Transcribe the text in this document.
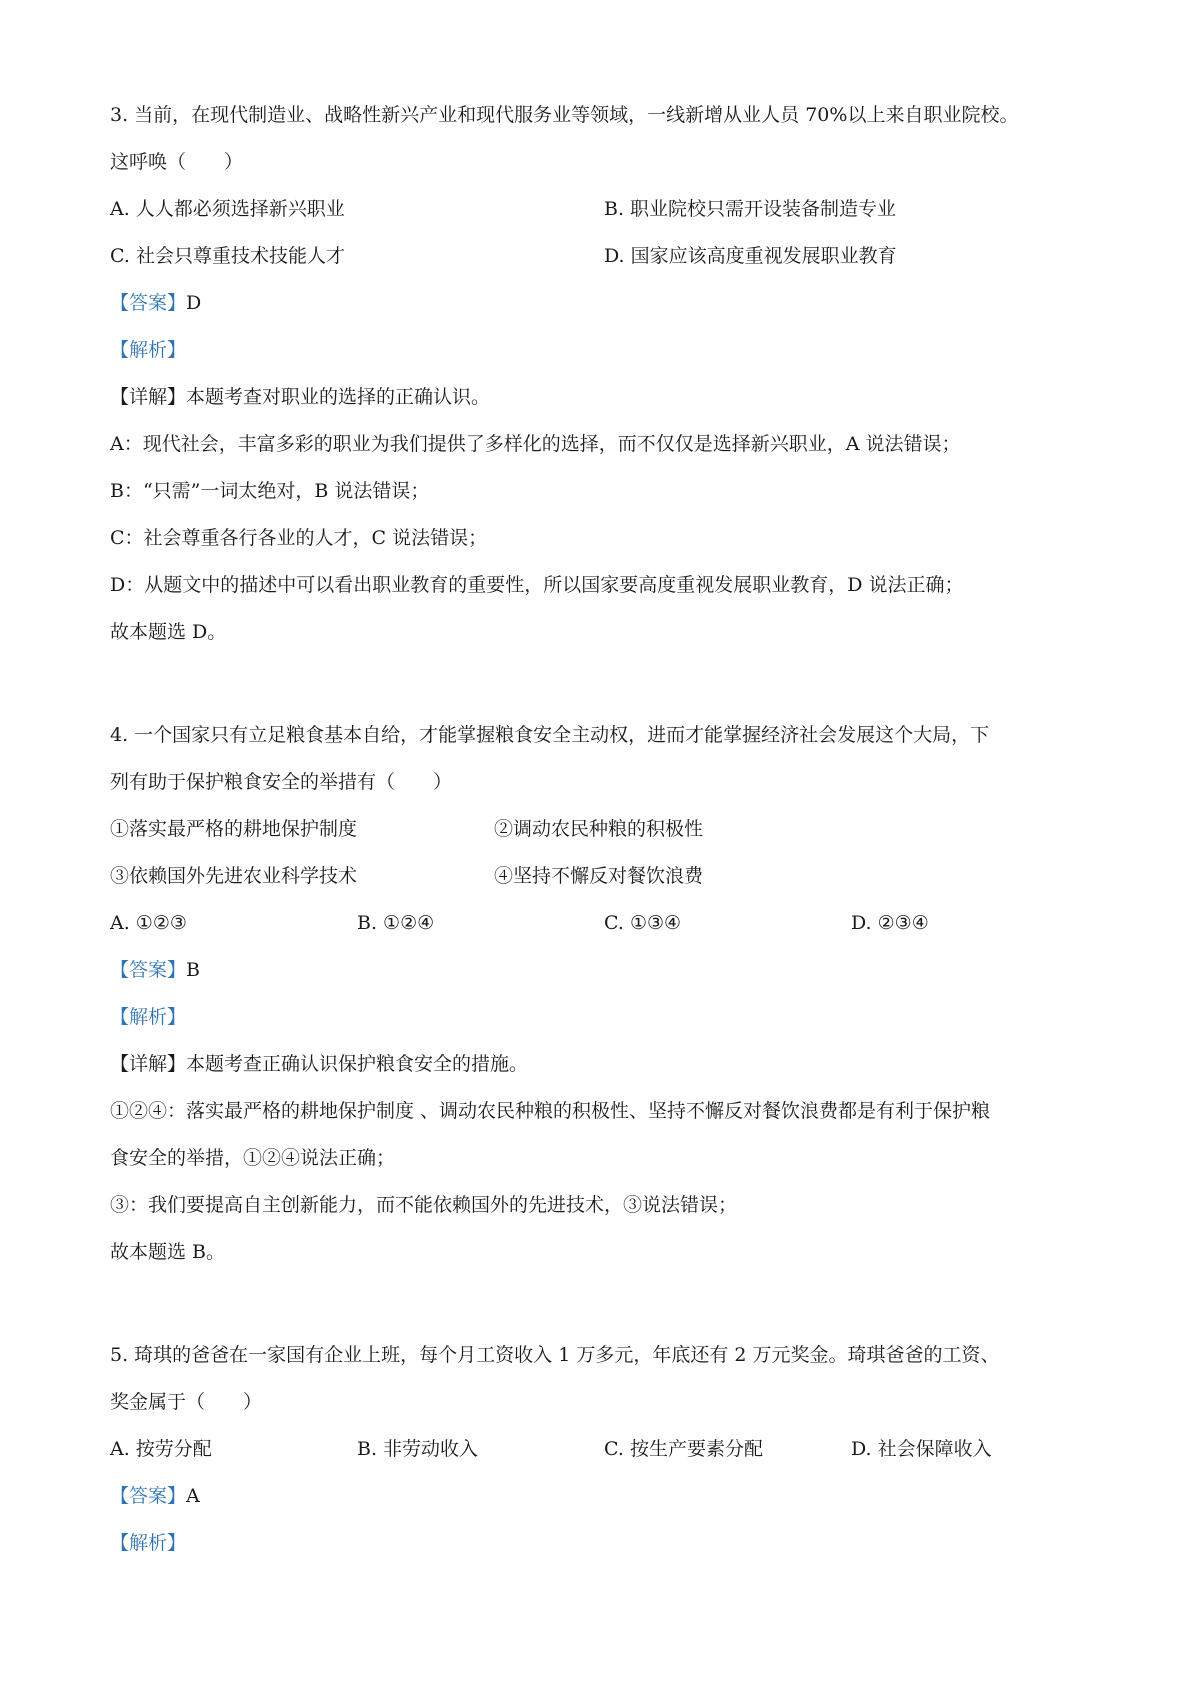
3. 当前，在现代制造业、战略性新兴产业和现代服务业等领域，一线新增从业人员 70%以上来自职业院校。
这呼唤（　　）
A. 人人都必须选择新兴职业	B. 职业院校只需开设装备制造专业
C. 社会只尊重技术技能人才	D. 国家应该高度重视发展职业教育
【答案】D
【解析】
【详解】本题考查对职业的选择的正确认识。
A：现代社会，丰富多彩的职业为我们提供了多样化的选择，而不仅仅是选择新兴职业，A 说法错误；
B：“只需”一词太绝对，B 说法错误；
C：社会尊重各行各业的人才，C 说法错误；
D：从题文中的描述中可以看出职业教育的重要性，所以国家要高度重视发展职业教育，D 说法正确；
故本题选 D。
4. 一个国家只有立足粮食基本自给，才能掌握粮食安全主动权，进而才能掌握经济社会发展这个大局，下
列有助于保护粮食安全的举措有（　　）
①落实最严格的耕地保护制度	②调动农民种粮的积极性
③依赖国外先进农业科学技术	④坚持不懈反对餐饮浪费
A. ①②③	B. ①②④	C. ①③④	D. ②③④
【答案】B
【解析】
【详解】本题考查正确认识保护粮食安全的措施。
①②④：落实最严格的耕地保护制度 、调动农民种粮的积极性、坚持不懈反对餐饮浪费都是有利于保护粮
食安全的举措，①②④说法正确；
③：我们要提高自主创新能力，而不能依赖国外的先进技术，③说法错误；
故本题选 B。
5. 琦琪的爸爸在一家国有企业上班，每个月工资收入 1 万多元，年底还有 2 万元奖金。琦琪爸爸的工资、
奖金属于（　　）
A. 按劳分配	B. 非劳动收入	C. 按生产要素分配	D. 社会保障收入
【答案】A
【解析】
